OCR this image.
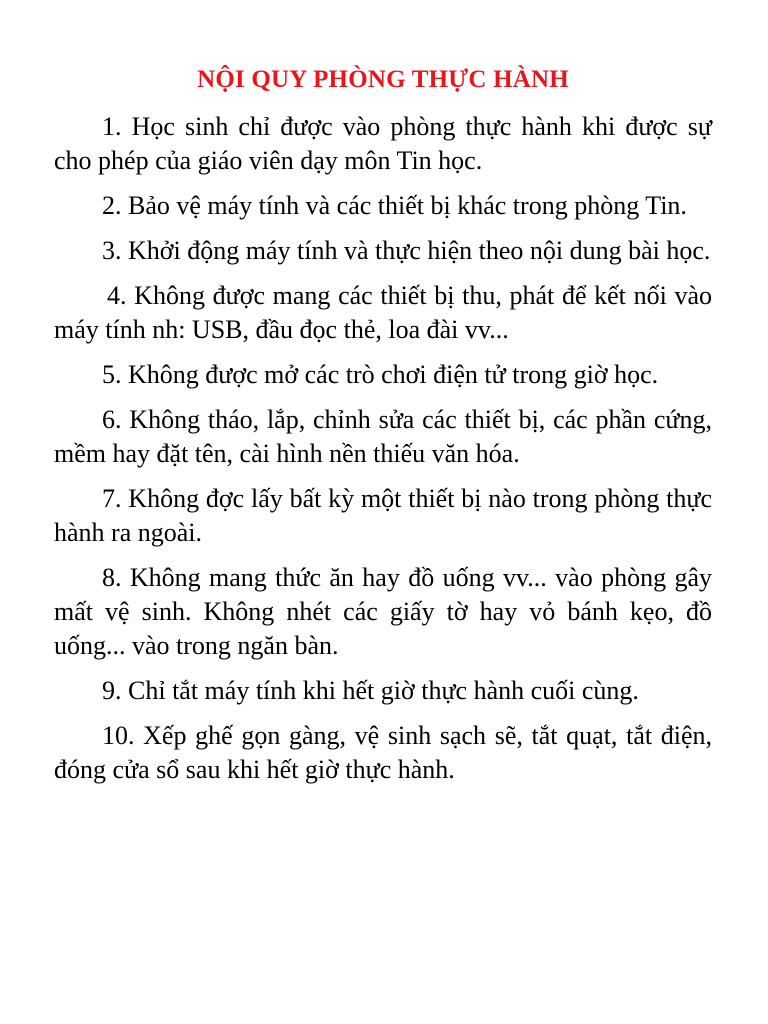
NỘI QUY PHÒNG THỰC HÀNH
1. Học sinh chỉ được vào phòng thực hành khi được sự cho phép của giáo viên dạy môn Tin học.
2. Bảo vệ máy tính và các thiết bị khác trong phòng Tin.
3. Khởi động máy tính và thực hiện theo nội dung bài học.
4. Không được mang các thiết bị thu, phát để kết nối vào máy tính nh: USB, đầu đọc thẻ, loa đài vv...
5. Không được mở các trò chơi điện tử trong giờ học.
6. Không tháo, lắp, chỉnh sửa các thiết bị, các phần cứng, mềm hay đặt tên, cài hình nền thiếu văn hóa.
7. Không đợc lấy bất kỳ một thiết bị nào trong phòng thực hành ra ngoài.
8. Không mang thức ăn hay đồ uống vv... vào phòng gây mất vệ sinh. Không nhét các giấy tờ hay vỏ bánh kẹo, đồ uống... vào trong ngăn bàn.
9. Chỉ tắt máy tính khi hết giờ thực hành cuối cùng.
10. Xếp ghế gọn gàng, vệ sinh sạch sẽ, tắt quạt, tắt điện, đóng cửa sổ sau khi hết giờ thực hành.
